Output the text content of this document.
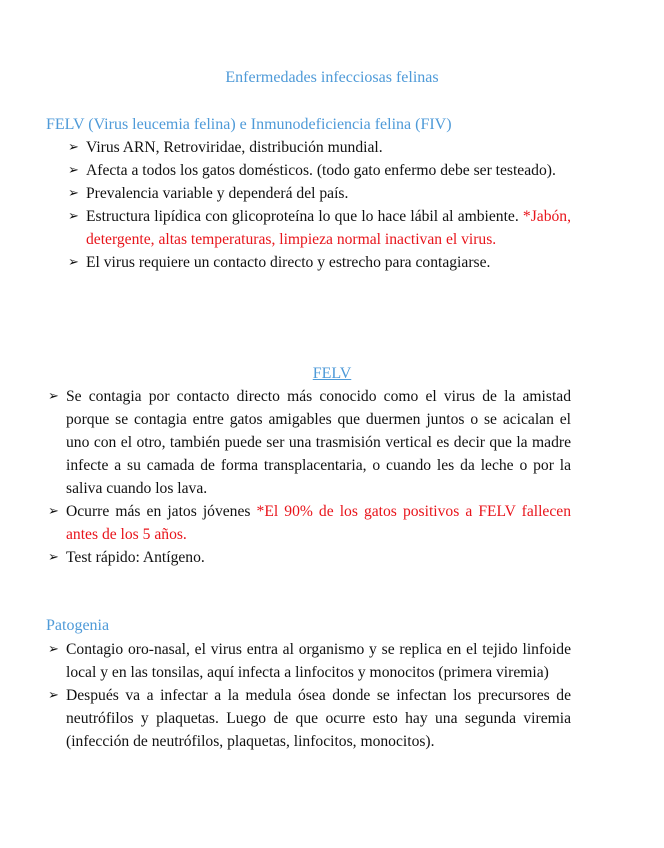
Enfermedades infecciosas felinas
FELV (Virus leucemia felina) e Inmunodeficiencia felina (FIV)
➢ Virus ARN, Retroviridae, distribución mundial.
➢ Afecta a todos los gatos domésticos. (todo gato enfermo debe ser testeado).
➢ Prevalencia variable y dependerá del país.
➢ Estructura lipídica con glicoproteína lo que lo hace lábil al ambiente. *Jabón, detergente, altas temperaturas, limpieza normal inactivan el virus.
➢ El virus requiere un contacto directo y estrecho para contagiarse.
FELV
➢ Se contagia por contacto directo más conocido como el virus de la amistad porque se contagia entre gatos amigables que duermen juntos o se acicalan el uno con el otro, también puede ser una trasmisión vertical es decir que la madre infecte a su camada de forma transplacentaria, o cuando les da leche o por la saliva cuando los lava.
➢ Ocurre más en jatos jóvenes *El 90% de los gatos positivos a FELV fallecen antes de los 5 años.
➢ Test rápido: Antígeno.
Patogenia
➢ Contagio oro-nasal, el virus entra al organismo y se replica en el tejido linfoide local y en las tonsilas, aquí infecta a linfocitos y monocitos (primera viremia)
➢ Después va a infectar a la medula ósea donde se infectan los precursores de neutrófilos y plaquetas. Luego de que ocurre esto hay una segunda viremia (infección de neutrófilos, plaquetas, linfocitos, monocitos).
